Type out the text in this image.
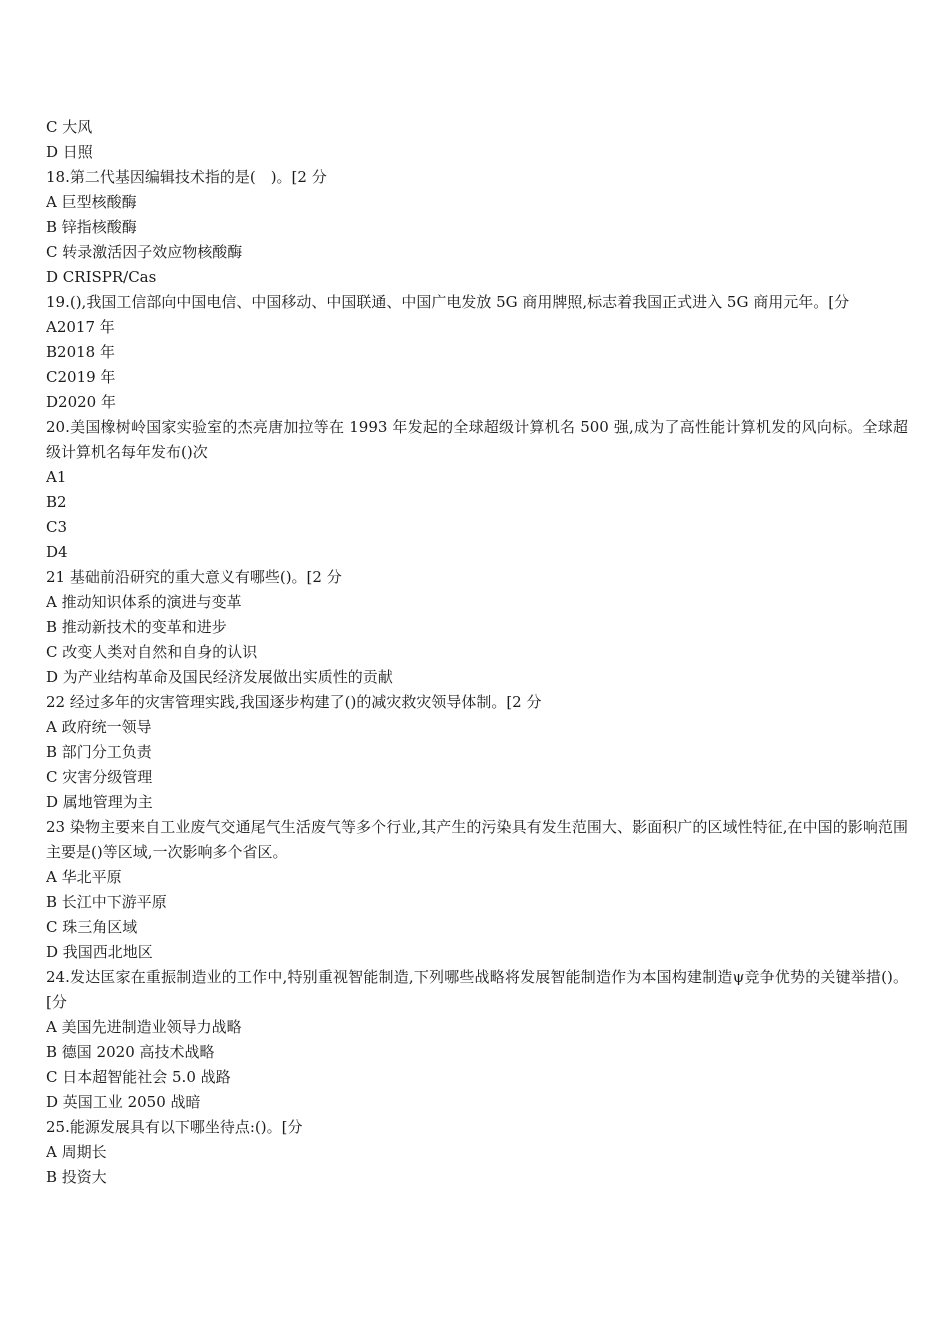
C 大风
D 日照
18.第二代基因编辑技术指的是(　)。[2 分
A 巨型核酸酶
B 锌指核酸酶
C 转录激活因子效应物核酸酶
D CRISPR/Cas
19.(),我国工信部向中国电信、中国移动、中国联通、中国广电发放 5G 商用牌照,标志着我国正式进入 5G 商用元年。[分
A2017 年
B2018 年
C2019 年
D2020 年
20.美国橡树岭国家实验室的杰亮唐加拉等在 1993 年发起的全球超级计算机名 500 强,成为了高性能计算机发的风向标。全球超级计算机名每年发布()次
A1
B2
C3
D4
21 基础前沿研究的重大意义有哪些()。[2 分
A 推动知识体系的演进与变革
B 推动新技术的变革和进步
C 改变人类对自然和自身的认识
D 为产业结构革命及国民经济发展做出实质性的贡献
22 经过多年的灾害管理实践,我国逐步构建了()的减灾救灾领导体制。[2 分
A 政府统一领导
B 部门分工负责
C 灾害分级管理
D 属地管理为主
23 染物主要来自工业废气交通尾气生活废气等多个行业,其产生的污染具有发生范围大、影面积广的区域性特征,在中国的影响范围主要是()等区域,一次影响多个省区。
A 华北平原
B 长江中下游平原
C 珠三角区域
D 我国西北地区
24.发达匡家在重振制造业的工作中,特别重视智能制造,下列哪些战略将发展智能制造作为本国构建制造ψ竞争优势的关键举措()。[分
A 美国先进制造业领导力战略
B 德国 2020 高技术战略
C 日本超智能社会 5.0 战路
D 英国工业 2050 战暗
25.能源发展具有以下哪坐待点:()。[分
A 周期长
B 投资大
